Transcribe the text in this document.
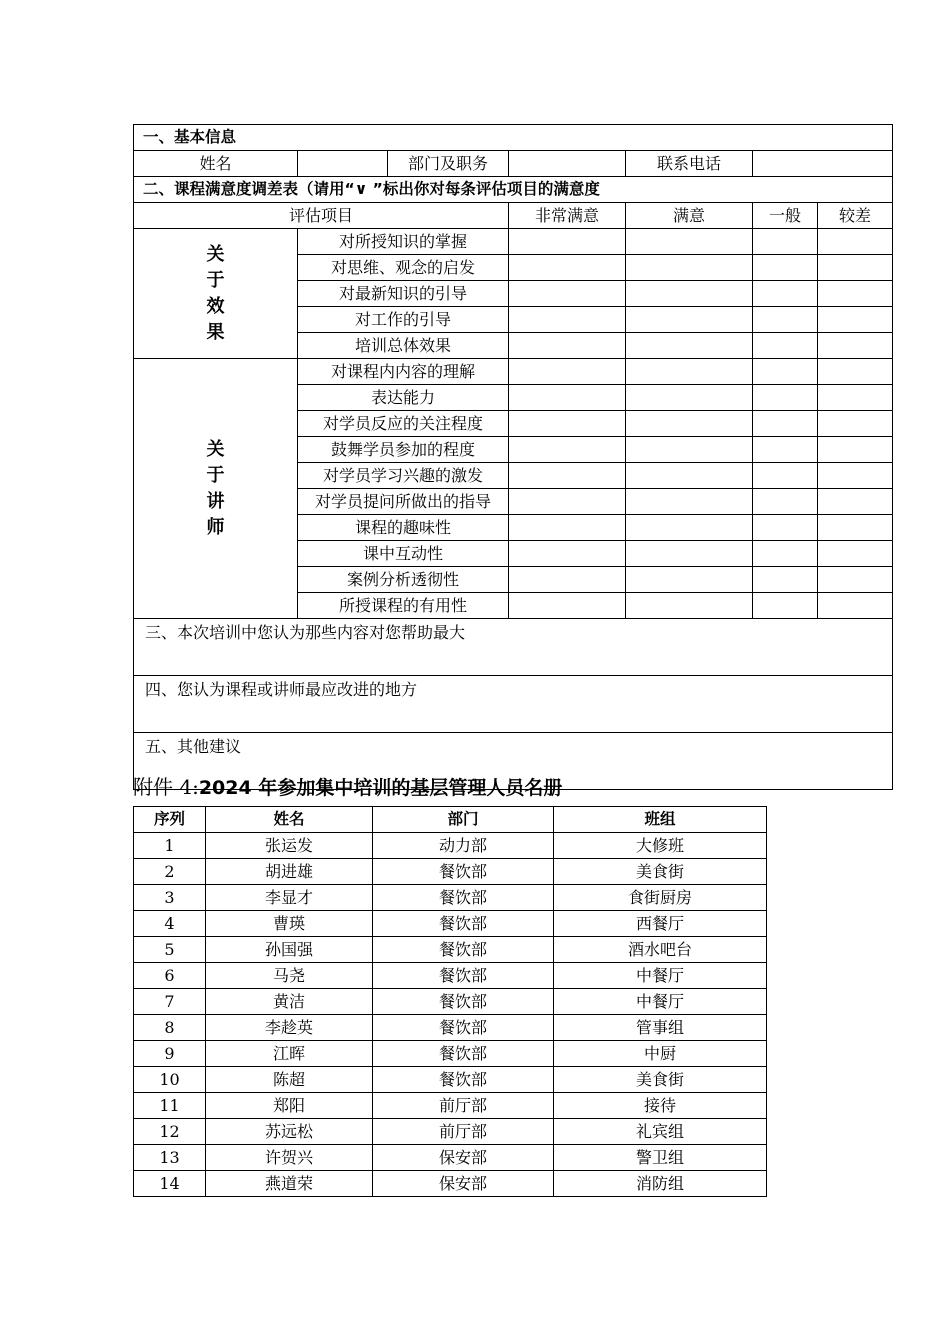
一、基本信息						
姓名		部门及职务		联系电话		
二、课程满意度调差表（请用“∨ ”标出你对每条评估项目的满意度						
评估项目			非常满意	满意	一般	较差

关
于
效
果	对所授知识的掌握					
	对思维、观念的启发					
	对最新知识的引导					
	对工作的引导					
	培训总体效果					

关
于
讲
师	对课程内内容的理解					
	表达能力					
	对学员反应的关注程度					
	鼓舞学员参加的程度					
	对学员学习兴趣的激发					
	对学员提问所做出的指导					
	课程的趣味性					
	课中互动性					
	案例分析透彻性					
	所授课程的有用性					
三、本次培训中您认为那些内容对您帮助最大						
四、您认为课程或讲师最应改进的地方						
五、其他建议						
附件 4:2024 年参加集中培训的基层管理人员名册
序列	姓名	部门	班组
1	张运发	动力部	大修班
2	胡进雄	餐饮部	美食街
3	李显才	餐饮部	食街厨房
4	曹瑛	餐饮部	西餐厅
5	孙国强	餐饮部	酒水吧台
6	马尧	餐饮部	中餐厅
7	黄洁	餐饮部	中餐厅
8	李趁英	餐饮部	管事组
9	江晖	餐饮部	中厨
10	陈超	餐饮部	美食街
11	郑阳	前厅部	接待
12	苏远松	前厅部	礼宾组
13	许贺兴	保安部	警卫组
14	燕道荣	保安部	消防组
